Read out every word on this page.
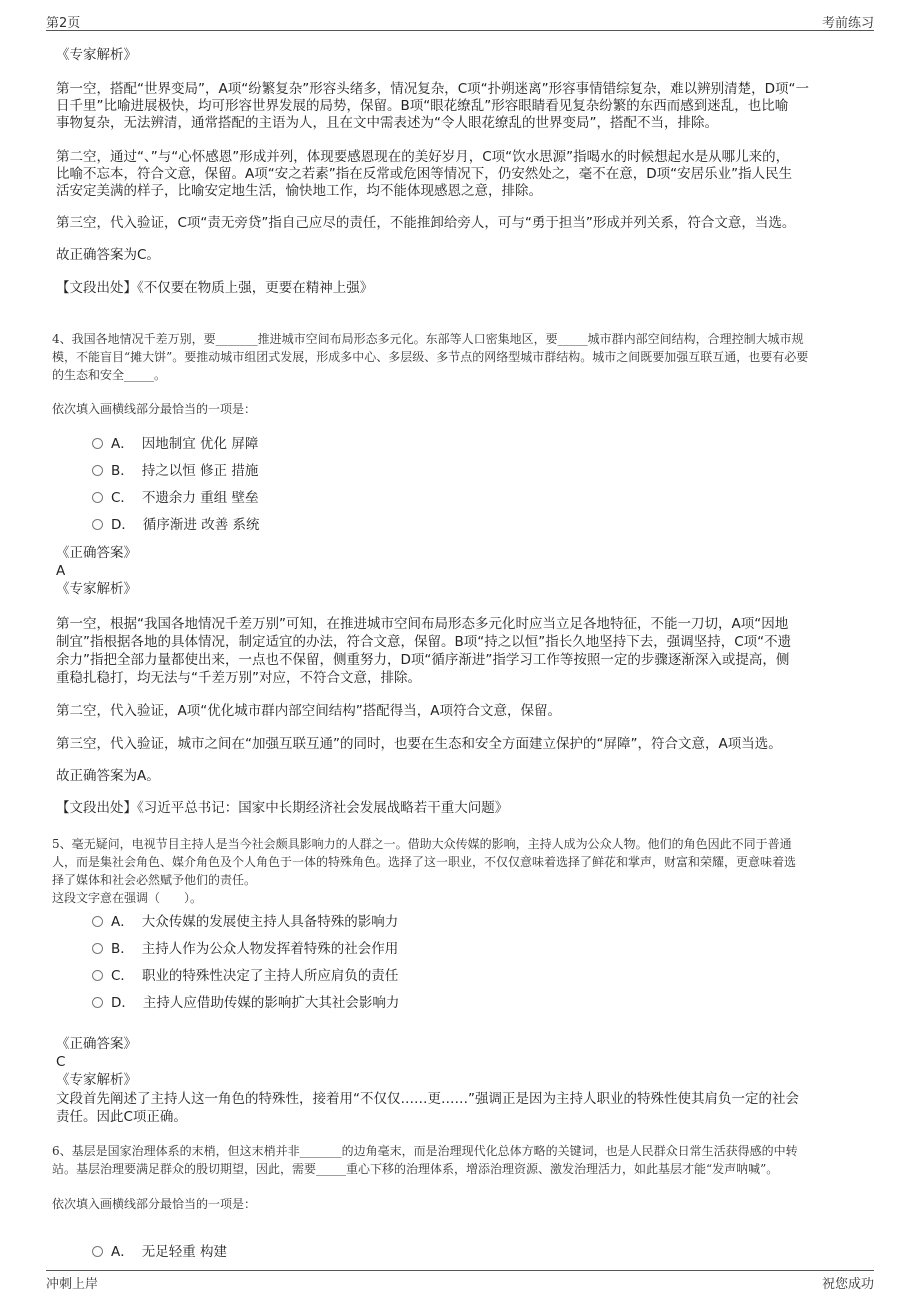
第2页	考前练习
《专家解析》
第一空，搭配“世界变局”，A项“纷繁复杂”形容头绪多，情况复杂，C项“扑朔迷离”形容事情错综复杂，难以辨别清楚，D项“一
日千里”比喻进展极快，均可形容世界发展的局势，保留。B项“眼花缭乱”形容眼睛看见复杂纷繁的东西而感到迷乱，也比喻
事物复杂，无法辨清，通常搭配的主语为人，且在文中需表述为“令人眼花缭乱的世界变局”，搭配不当，排除。
第二空，通过“、”与“心怀感恩”形成并列，体现要感恩现在的美好岁月，C项“饮水思源”指喝水的时候想起水是从哪儿来的，
比喻不忘本，符合文意，保留。A项“安之若素”指在反常或危困等情况下，仍安然处之，毫不在意，D项“安居乐业”指人民生
活安定美满的样子，比喻安定地生活，愉快地工作，均不能体现感恩之意，排除。
第三空，代入验证，C项“责无旁贷”指自己应尽的责任，不能推卸给旁人，可与“勇于担当”形成并列关系，符合文意，当选。
故正确答案为C。
【文段出处】《不仅要在物质上强，更要在精神上强》
4、我国各地情况千差万别，要_______推进城市空间布局形态多元化。东部等人口密集地区，要_____城市群内部空间结构，合理控制大城市规
模，不能盲目“摊大饼”。要推动城市组团式发展，形成多中心、多层级、多节点的网络型城市群结构。城市之间既要加强互联互通，也要有必要
的生态和安全_____。
依次填入画横线部分最恰当的一项是：
A． 因地制宜 优化 屏障
B． 持之以恒 修正 措施
C． 不遗余力 重组 壁垒
D． 循序渐进 改善 系统
《正确答案》
A
《专家解析》
第一空，根据“我国各地情况千差万别”可知，在推进城市空间布局形态多元化时应当立足各地特征，不能一刀切，A项“因地
制宜”指根据各地的具体情况，制定适宜的办法，符合文意，保留。B项“持之以恒”指长久地坚持下去，强调坚持，C项“不遗
余力”指把全部力量都使出来，一点也不保留，侧重努力，D项“循序渐进”指学习工作等按照一定的步骤逐渐深入或提高，侧
重稳扎稳打，均无法与“千差万别”对应，不符合文意，排除。
第二空，代入验证，A项“优化城市群内部空间结构”搭配得当，A项符合文意，保留。
第三空，代入验证，城市之间在“加强互联互通”的同时，也要在生态和安全方面建立保护的“屏障”，符合文意，A项当选。
故正确答案为A。
【文段出处】《习近平总书记：国家中长期经济社会发展战略若干重大问题》
5、毫无疑问，电视节目主持人是当今社会颇具影响力的人群之一。借助大众传媒的影响，主持人成为公众人物。他们的角色因此不同于普通
人，而是集社会角色、媒介角色及个人角色于一体的特殊角色。选择了这一职业，不仅仅意味着选择了鲜花和掌声，财富和荣耀，更意味着选
择了媒体和社会必然赋予他们的责任。
这段文字意在强调（　　）。
A． 大众传媒的发展使主持人具备特殊的影响力
B． 主持人作为公众人物发挥着特殊的社会作用
C． 职业的特殊性决定了主持人所应肩负的责任
D． 主持人应借助传媒的影响扩大其社会影响力
《正确答案》
C
《专家解析》
文段首先阐述了主持人这一角色的特殊性，接着用“不仅仅……更……”强调正是因为主持人职业的特殊性使其肩负一定的社会
责任。因此C项正确。
6、基层是国家治理体系的末梢，但这末梢并非_______的边角毫末，而是治理现代化总体方略的关键词，也是人民群众日常生活获得感的中转
站。基层治理要满足群众的殷切期望，因此，需要_____重心下移的治理体系，增添治理资源、激发治理活力，如此基层才能“发声呐喊”。
依次填入画横线部分最恰当的一项是：
A． 无足轻重 构建
冲刺上岸	祝您成功
